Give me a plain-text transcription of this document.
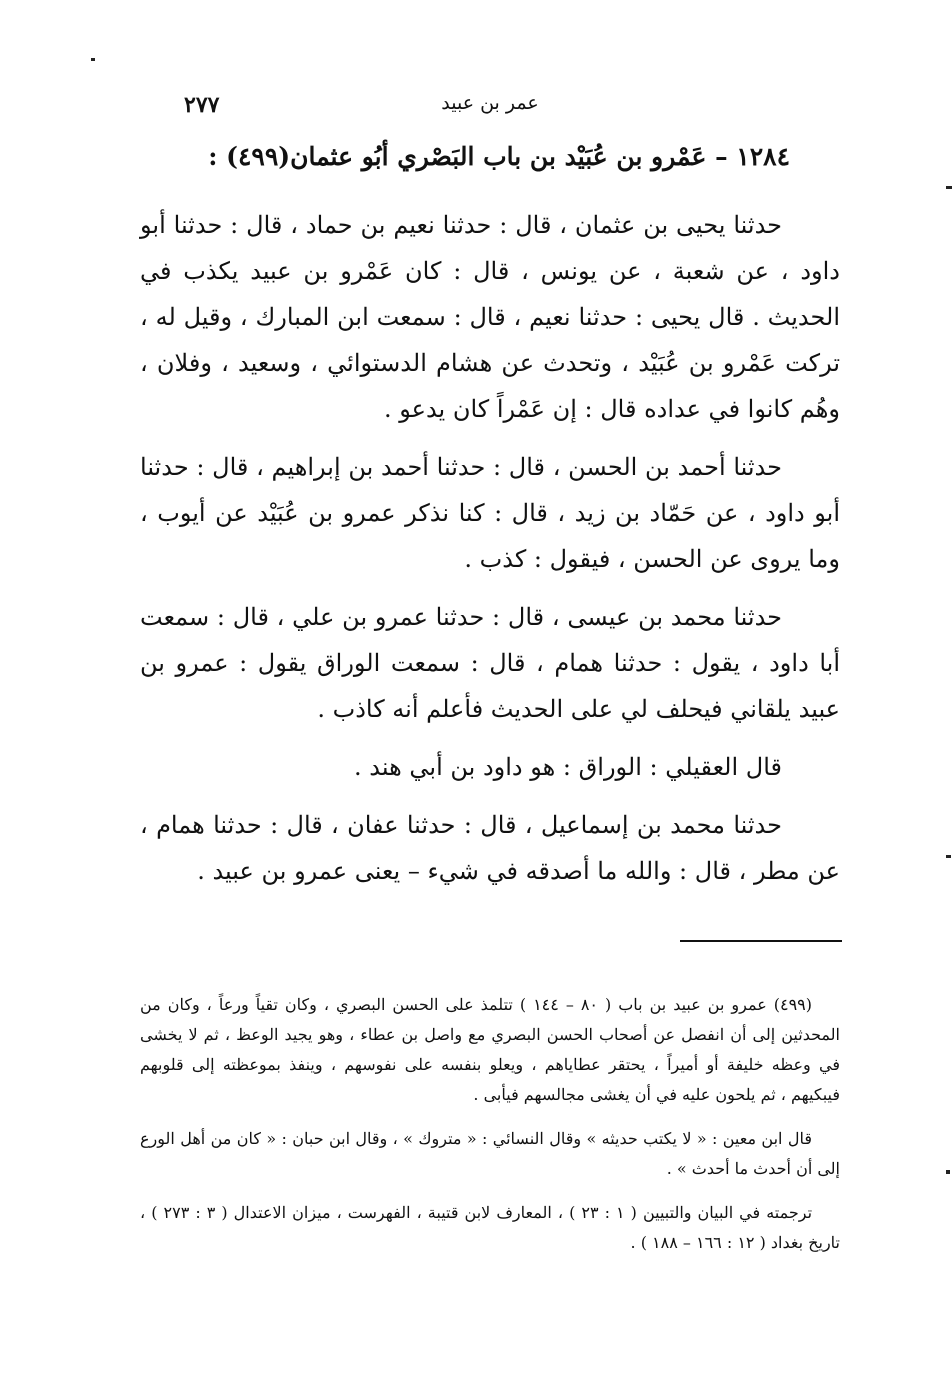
عمر بن عبيد
٢٧٧
١٢٨٤ – عَمْرو بن عُبَيْد بن باب البَصْري أبُو عثمان(٤٩٩) :

حدثنا يحيى بن عثمان ، قال : حدثنا نعيم بن حماد ، قال : حدثنا أبو داود ، عن شعبة ، عن يونس ، قال : كان عَمْرو بن عبيد يكذب في الحديث . قال يحيى : حدثنا نعيم ، قال : سمعت ابن المبارك ، وقيل له ، تركت عَمْرو بن عُبَيْد ، وتحدث عن هشام الدستوائي ، وسعيد ، وفلان ، وهُم كانوا في عداده قال : إن عَمْراً كان يدعو .

حدثنا أحمد بن الحسن ، قال : حدثنا أحمد بن إبراهيم ، قال : حدثنا أبو داود ، عن حَمّاد بن زيد ، قال : كنا نذكر عمرو بن عُبَيْد عن أيوب ، وما يروى عن الحسن ، فيقول : كذب .

حدثنا محمد بن عيسى ، قال : حدثنا عمرو بن علي ، قال : سمعت أبا داود ، يقول : حدثنا همام ، قال : سمعت الوراق يقول : عمرو بن عبيد يلقاني فيحلف لي على الحديث فأعلم أنه كاذب .

قال العقيلي : الوراق : هو داود بن أبي هند .

حدثنا محمد بن إسماعيل ، قال : حدثنا عفان ، قال : حدثنا همام ، عن مطر ، قال : والله ما أصدقه في شيء – يعنى عمرو بن عبيد .

(٤٩٩) عمرو بن عبيد بن باب ( ٨٠ – ١٤٤ ) تتلمذ على الحسن البصري ، وكان تقياً ورعاً ، وكان من المحدثين إلى أن انفصل عن أصحاب الحسن البصري مع واصل بن عطاء ، وهو يجيد الوعظ ، ثم لا يخشى في وعظه خليفة أو أميراً ، يحتقر عطاياهم ، ويعلو بنفسه على نفوسهم ، وينفذ بموعظته إلى قلوبهم فيبكيهم ، ثم يلحون عليه في أن يغشى مجالسهم فيأبى .

قال ابن معين : « لا يكتب حديثه » وقال النسائي : « متروك » ، وقال ابن حبان : « كان من أهل الورع إلى أن أحدث ما أحدث » .

ترجمته في البيان والتبيين ( ١ : ٢٣ ) ، المعارف لابن قتيبة ، الفهرست ، ميزان الاعتدال ( ٣ : ٢٧٣ ) ، تاريخ بغداد ( ١٢ : ١٦٦ – ١٨٨ ) .
